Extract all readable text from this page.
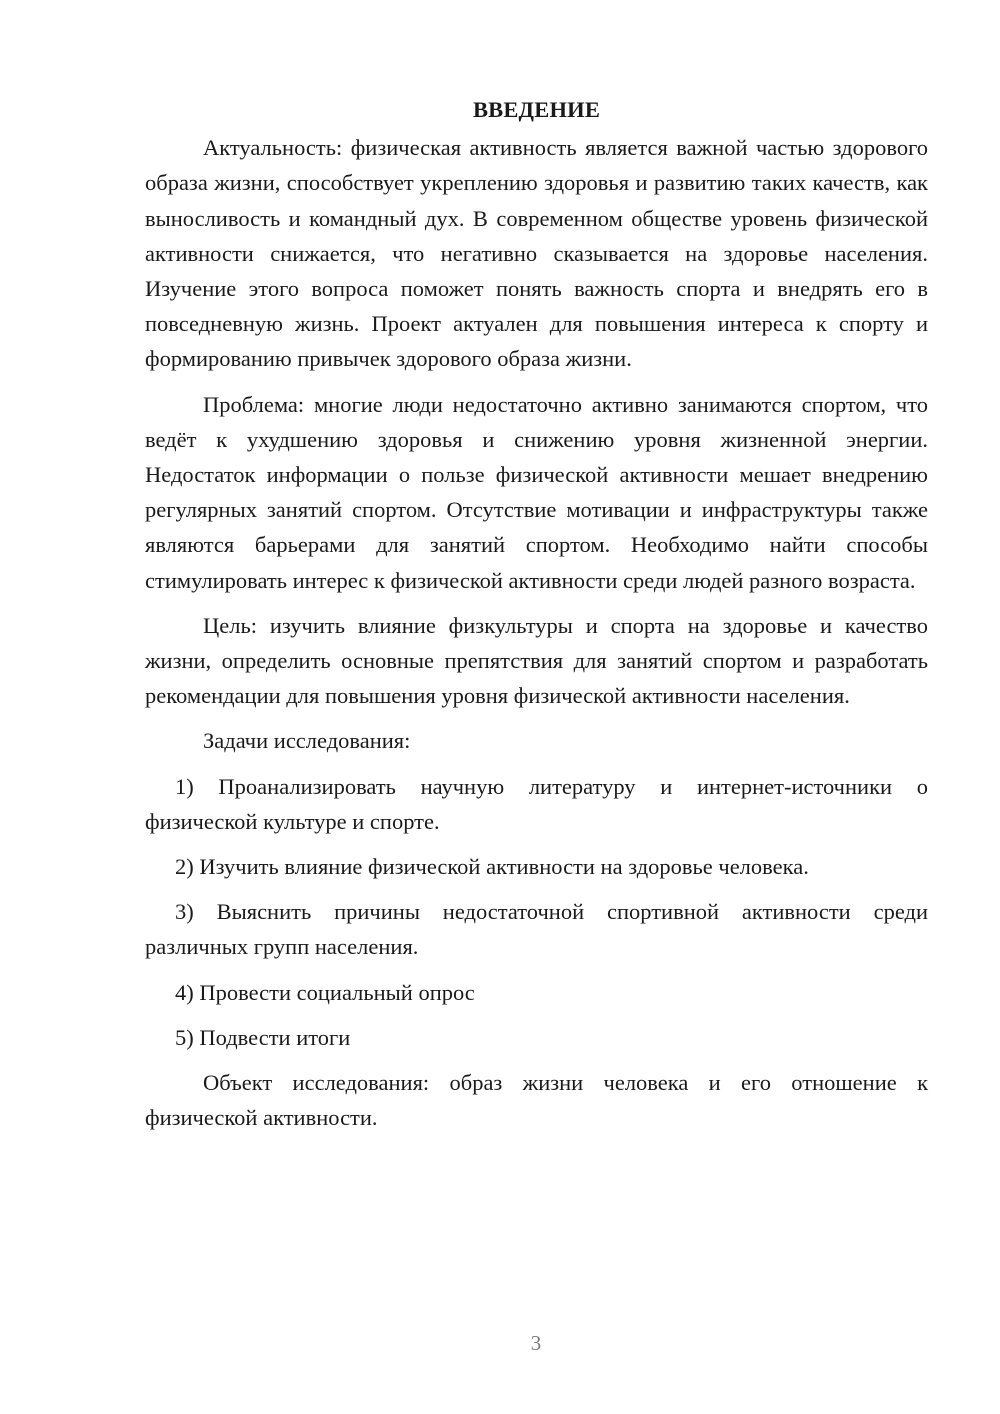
ВВЕДЕНИЕ

Актуальность: физическая активность является важной частью здорового образа жизни, способствует укреплению здоровья и развитию таких качеств, как выносливость и командный дух. В современном обществе уровень физической активности снижается, что негативно сказывается на здоровье населения. Изучение этого вопроса поможет понять важность спорта и внедрять его в повседневную жизнь. Проект актуален для повышения интереса к спорту и формированию привычек здорового образа жизни.

Проблема: многие люди недостаточно активно занимаются спортом, что ведёт к ухудшению здоровья и снижению уровня жизненной энергии. Недостаток информации о пользе физической активности мешает внедрению регулярных занятий спортом. Отсутствие мотивации и инфраструктуры также являются барьерами для занятий спортом. Необходимо найти способы стимулировать интерес к физической активности среди людей разного возраста.

Цель: изучить влияние физкультуры и спорта на здоровье и качество жизни, определить основные препятствия для занятий спортом и разработать рекомендации для повышения уровня физической активности населения.

Задачи исследования:

1) Проанализировать научную литературу и интернет-источники о физической культуре и спорте.

2) Изучить влияние физической активности на здоровье человека.

3) Выяснить причины недостаточной спортивной активности среди различных групп населения.

4) Провести социальный опрос

5) Подвести итоги

Объект исследования: образ жизни человека и его отношение к физической активности.

3
